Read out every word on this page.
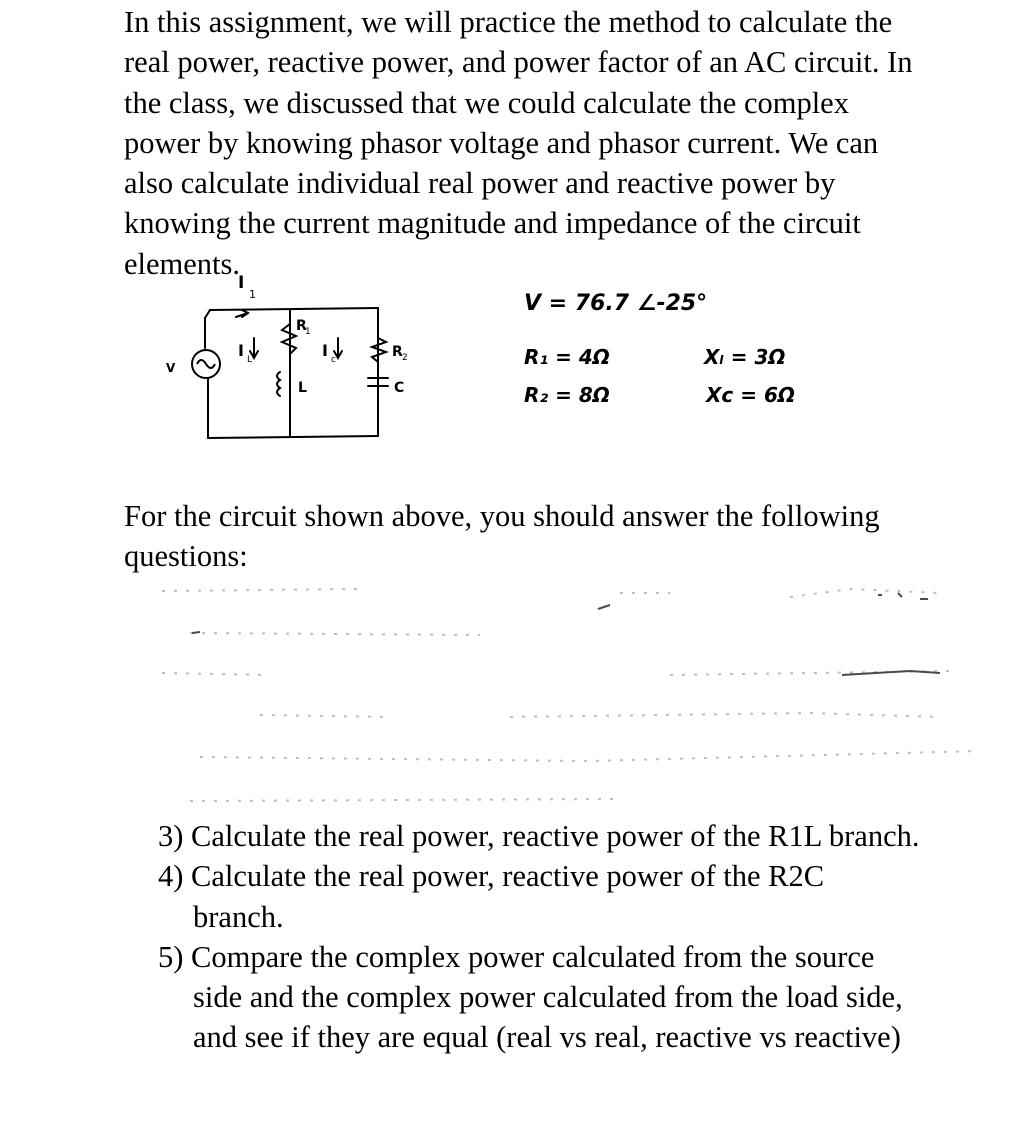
In this assignment, we will practice the method to calculate the
real power, reactive power, and power factor of an AC circuit. In
the class, we discussed that we could calculate the complex
power by knowing phasor voltage and phasor current. We can
also calculate individual real power and reactive power by
knowing the current magnitude and impedance of the circuit
elements.
I
1
V
I L
R
1
I c	R 2
L	C
V = 76.7 ∠-25°
R₁ = 4Ω	Xₗ = 3Ω
R₂ = 8Ω	Xc = 6Ω
For the circuit shown above, you should answer the following
questions:
3) Calculate the real power, reactive power of the R1L branch.
4) Calculate the real power, reactive power of the R2C
branch.
5) Compare the complex power calculated from the source
side and the complex power calculated from the load side,
and see if they are equal (real vs real, reactive vs reactive)
